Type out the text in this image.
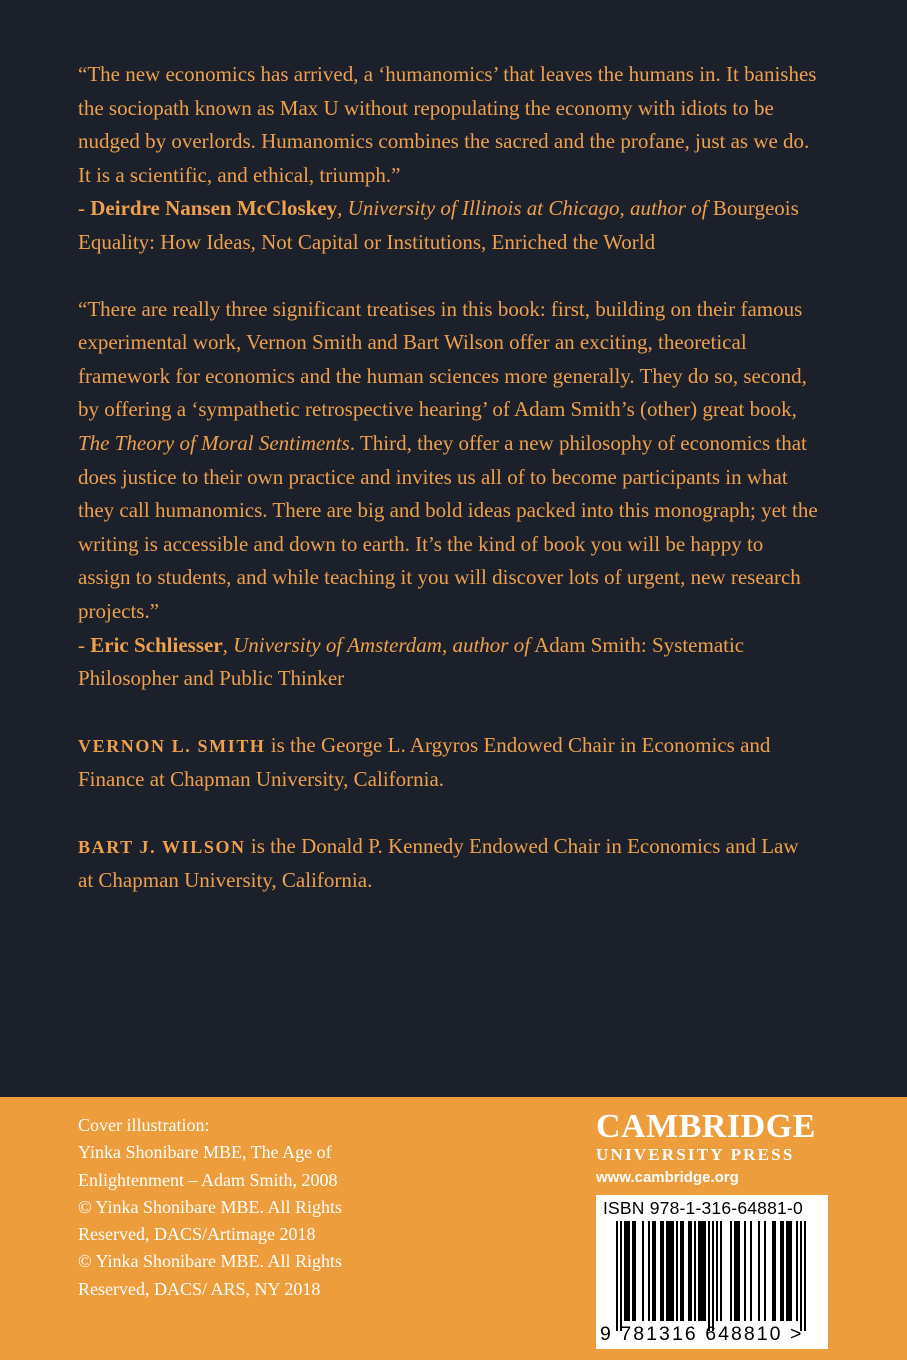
“The new economics has arrived, a ‘humanomics’ that leaves the humans in. It banishes the sociopath known as Max U without repopulating the economy with idiots to be nudged by overlords. Humanomics combines the sacred and the profane, just as we do. It is a scientific, and ethical, triumph.”
- Deirdre Nansen McCloskey, University of Illinois at Chicago, author of Bourgeois Equality: How Ideas, Not Capital or Institutions, Enriched the World

“There are really three significant treatises in this book: first, building on their famous experimental work, Vernon Smith and Bart Wilson offer an exciting, theoretical framework for economics and the human sciences more generally. They do so, second, by offering a ‘sympathetic retrospective hearing’ of Adam Smith’s (other) great book, The Theory of Moral Sentiments. Third, they offer a new philosophy of economics that does justice to their own practice and invites us all of to become participants in what they call humanomics. There are big and bold ideas packed into this monograph; yet the writing is accessible and down to earth. It’s the kind of book you will be happy to assign to students, and while teaching it you will discover lots of urgent, new research projects.”
- Eric Schliesser, University of Amsterdam, author of Adam Smith: Systematic Philosopher and Public Thinker

VERNON L. SMITH is the George L. Argyros Endowed Chair in Economics and Finance at Chapman University, California.

BART J. WILSON is the Donald P. Kennedy Endowed Chair in Economics and Law at Chapman University, California.

Cover illustration:
Yinka Shonibare MBE, The Age of
Enlightenment – Adam Smith, 2008
© Yinka Shonibare MBE. All Rights
Reserved, DACS/Artimage 2018
© Yinka Shonibare MBE. All Rights
Reserved, DACS/ ARS, NY 2018
CAMBRIDGE
UNIVERSITY PRESS
www.cambridge.org
ISBN 978-1-316-64881-0
9 781316 648810 >
